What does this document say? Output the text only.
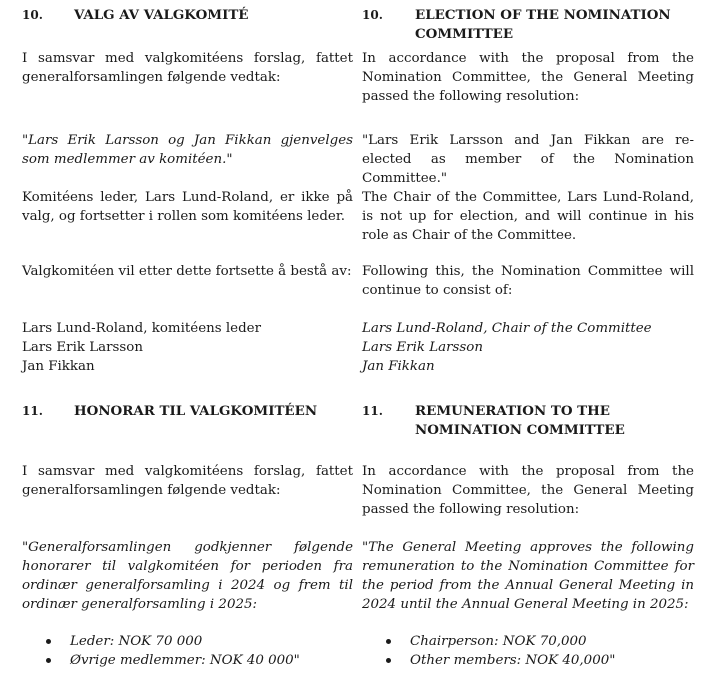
10. VALG AV VALGKOMITÉ

I samsvar med valgkomitéens forslag, fattet generalforsamlingen følgende vedtak:

"Lars Erik Larsson og Jan Fikkan gjenvelges som medlemmer av komitéen."

Komitéens leder, Lars Lund-Roland, er ikke på valg, og fortsetter i rollen som komitéens leder.

Valgkomitéen vil etter dette fortsette å bestå av:

Lars Lund-Roland, komitéens leder
Lars Erik Larsson
Jan Fikkan
11. HONORAR TIL VALGKOMITÉEN

I samsvar med valgkomitéens forslag, fattet generalforsamlingen følgende vedtak:

"Generalforsamlingen godkjenner følgende honorarer til valgkomitéen for perioden fra ordinær generalforsamling i 2024 og frem til ordinær generalforsamling i 2025:

Leder: NOK 70 000
Øvrige medlemmer: NOK 40 000"
10. ELECTION OF THE NOMINATION COMMITTEE

In accordance with the proposal from the Nomination Committee, the General Meeting passed the following resolution:

"Lars Erik Larsson and Jan Fikkan are re-elected as member of the Nomination Committee."

The Chair of the Committee, Lars Lund-Roland, is not up for election, and will continue in his role as Chair of the Committee.

Following this, the Nomination Committee will continue to consist of:

Lars Lund-Roland, Chair of the Committee
Lars Erik Larsson
Jan Fikkan
11. REMUNERATION TO THE NOMINATION COMMITTEE

In accordance with the proposal from the Nomination Committee, the General Meeting passed the following resolution:

"The General Meeting approves the following remuneration to the Nomination Committee for the period from the Annual General Meeting in 2024 until the Annual General Meeting in 2025:

Chairperson: NOK 70,000
Other members: NOK 40,000"
